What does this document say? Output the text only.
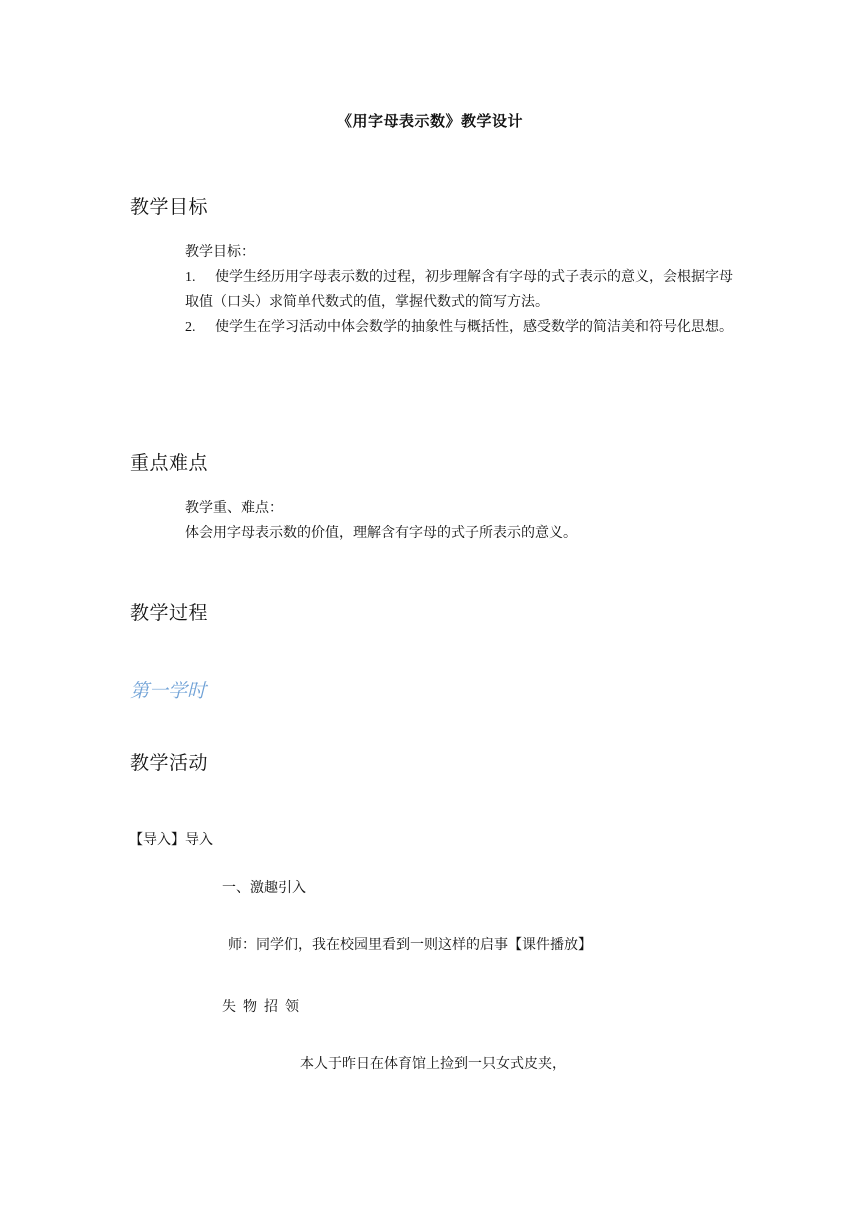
《用字母表示数》教学设计
教学目标

教学目标：

1. 使学生经历用字母表示数的过程，初步理解含有字母的式子表示的意义，会根据字母取值（口头）求简单代数式的值，掌握代数式的简写方法。

2. 使学生在学习活动中体会数学的抽象性与概括性，感受数学的简洁美和符号化思想。

重点难点

教学重、难点：

体会用字母表示数的价值，理解含有字母的式子所表示的意义。

教学过程
第一学时
教学活动
【导入】导入
一、激趣引入
师：同学们，我在校园里看到一则这样的启事【课件播放】
失物招领
本人于昨日在体育馆上捡到一只女式皮夹，
